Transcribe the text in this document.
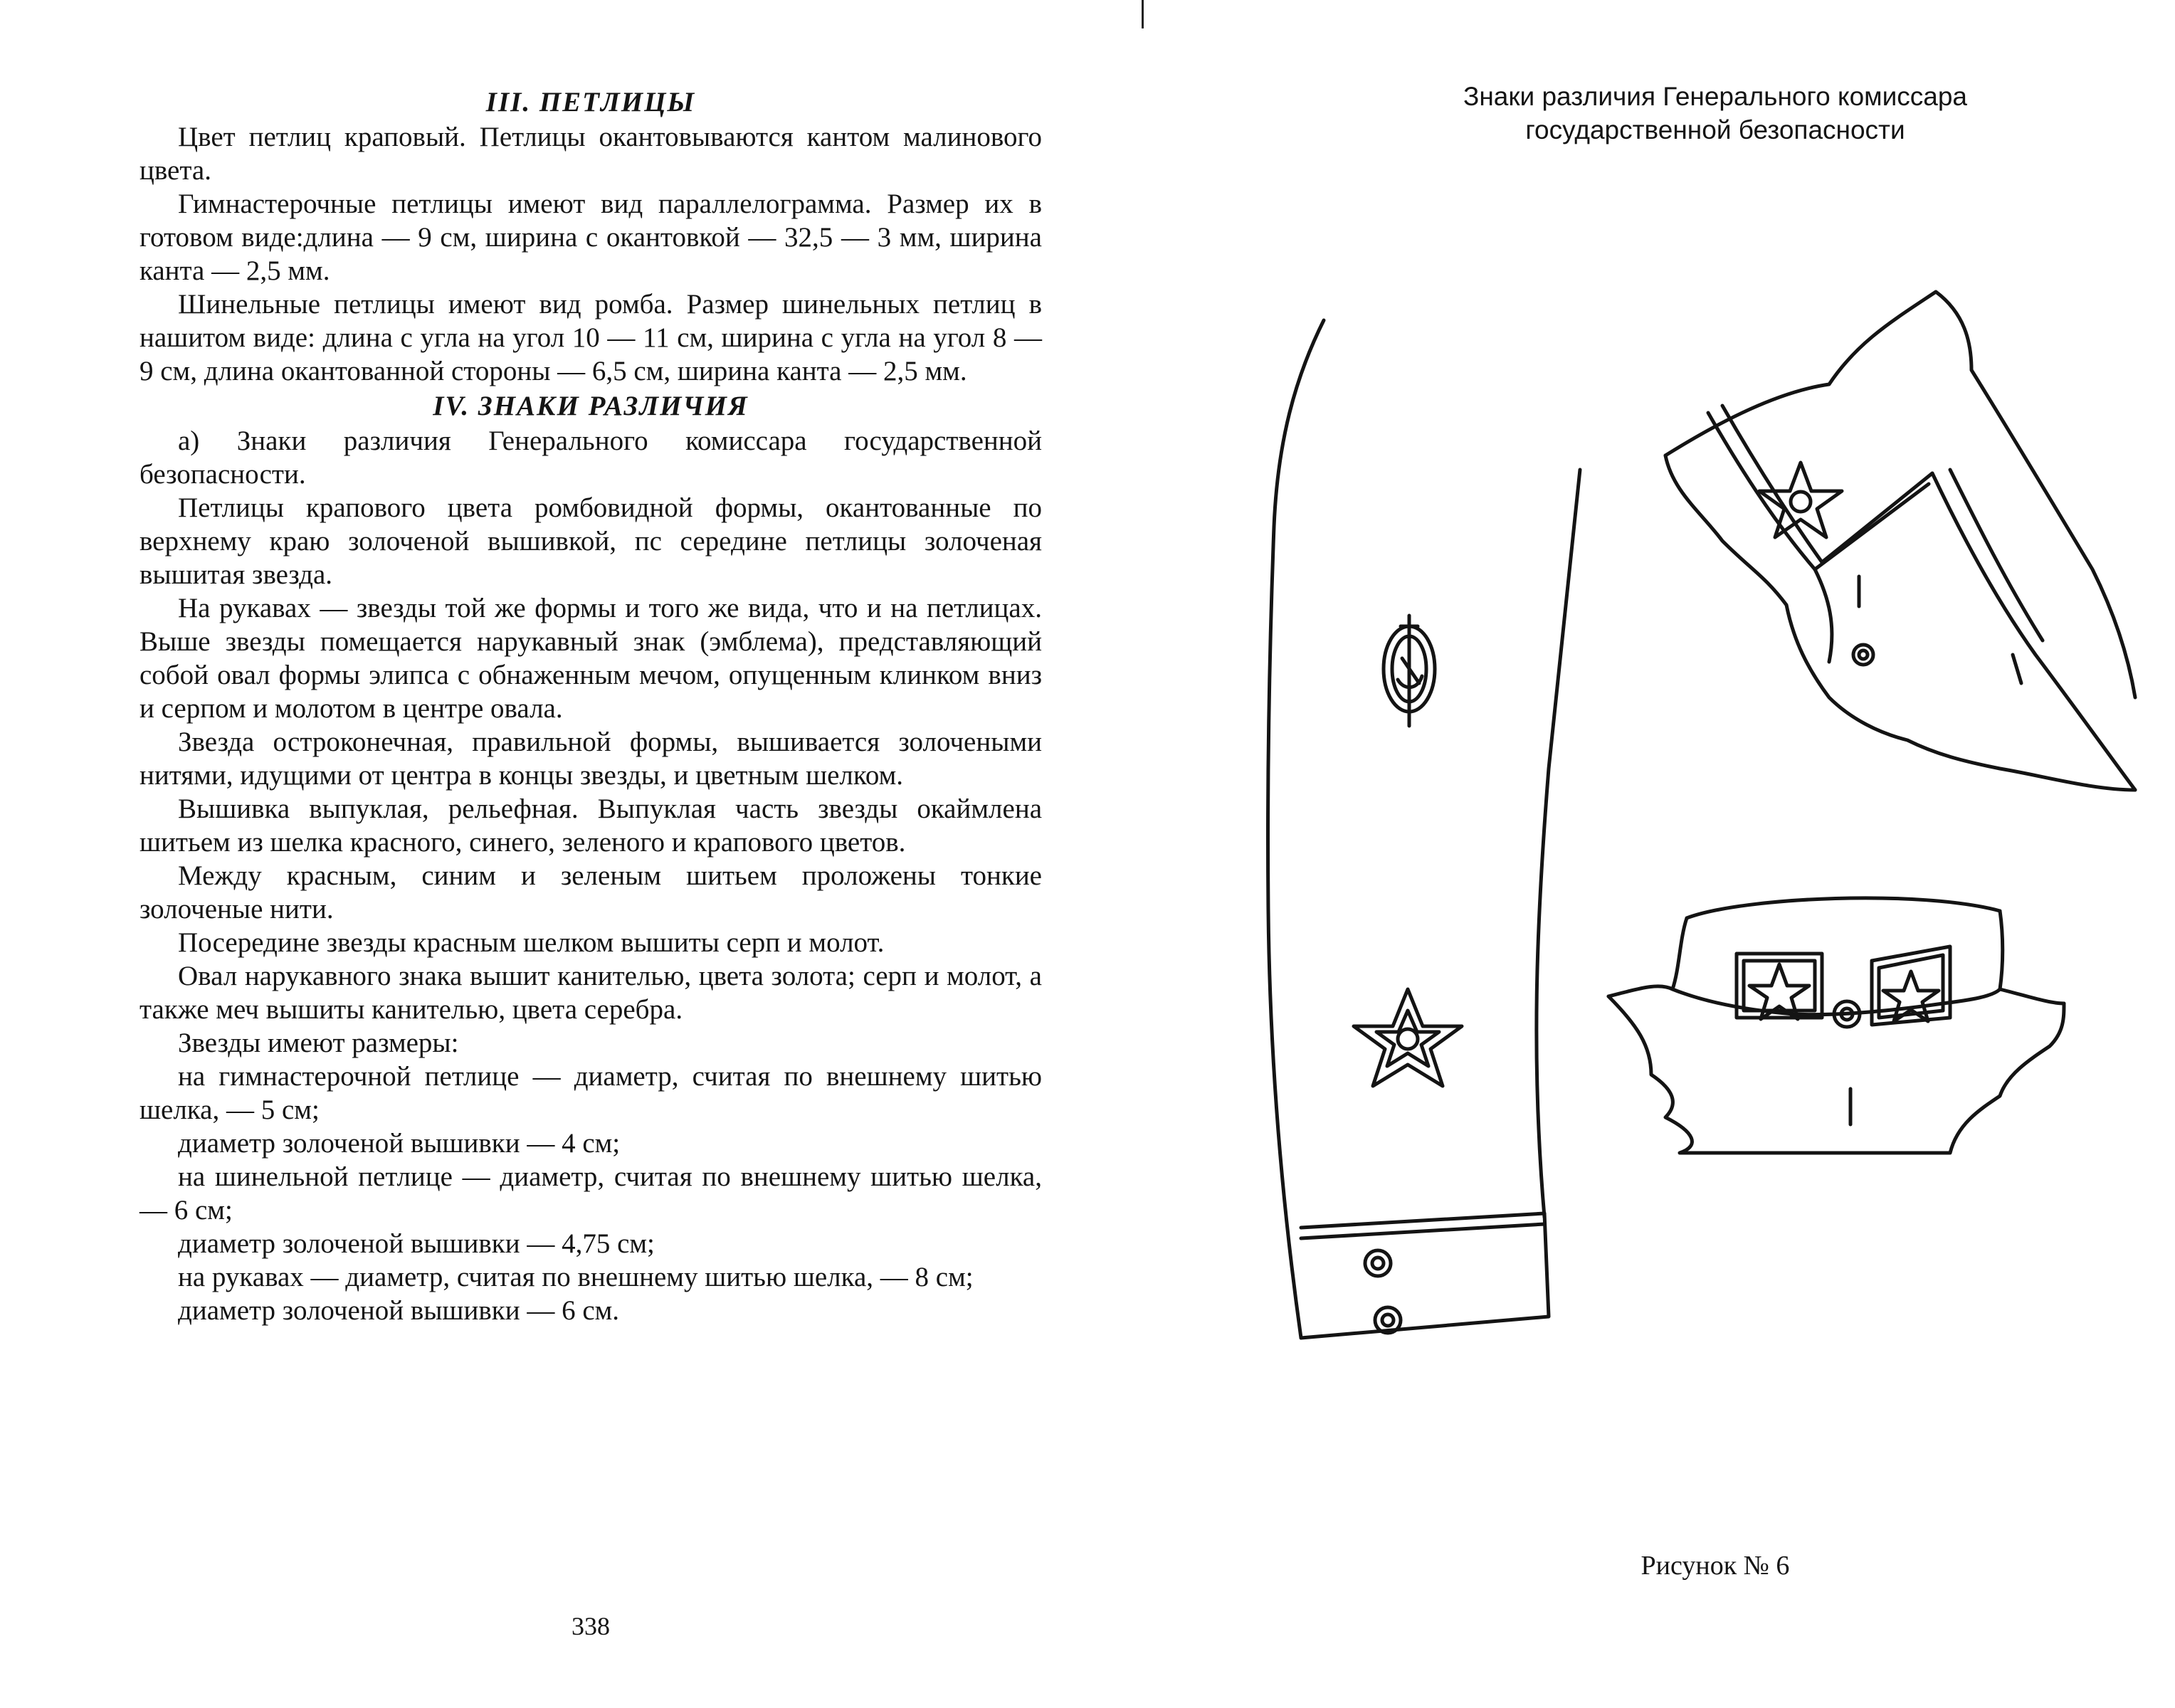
III. ПЕТЛИЦЫ

Цвет петлиц краповый. Петлицы окантовываются кантом малинового цвета.

Гимнастерочные петлицы имеют вид параллелограмма. Размер их в готовом виде:длина — 9 см, ширина с окантовкой — 32,5 — 3 мм, ширина канта — 2,5 мм.

Шинельные петлицы имеют вид ромба. Размер шинельных петлиц в нашитом виде: длина с угла на угол 10 — 11 см, ширина с угла на угол 8 — 9 см, длина окантованной стороны — 6,5 см, ширина канта — 2,5 мм.

IV. ЗНАКИ РАЗЛИЧИЯ

а) Знаки различия Генерального комиссара государственной безопасности.

Петлицы крапового цвета ромбовидной формы, окантованные по верхнему краю золоченой вышивкой, пс середине петлицы золоченая вышитая звезда.

На рукавах — звезды той же формы и того же вида, что и на петлицах. Выше звезды помещается нарукавный знак (эмблема), представляющий собой овал формы элипса с обнаженным мечом, опущенным клинком вниз и серпом и молотом в центре овала.

Звезда остроконечная, правильной формы, вышивается золочеными нитями, идущими от центра в концы звезды, и цветным шелком.

Вышивка выпуклая, рельефная. Выпуклая часть звезды окаймлена шитьем из шелка красного, синего, зеленого и крапового цветов.

Между красным, синим и зеленым шитьем проложены тонкие золоченые нити.

Посередине звезды красным шелком вышиты серп и молот.

Овал нарукавного знака вышит канителью, цвета золота; серп и молот, а также меч вышиты канителью, цвета серебра.

Звезды имеют размеры:

на гимнастерочной петлице — диаметр, считая по внешнему шитью шелка, — 5 см;

диаметр золоченой вышивки — 4 см;

на шинельной петлице — диаметр, считая по внешнему шитью шелка, — 6 см;

диаметр золоченой вышивки — 4,75 см;

на рукавах — диаметр, считая по внешнему шитью шелка, — 8 см;

диаметр золоченой вышивки — 6 см.

338
Знаки различия Генерального комиссара
государственной безопасности
Рисунок № 6
